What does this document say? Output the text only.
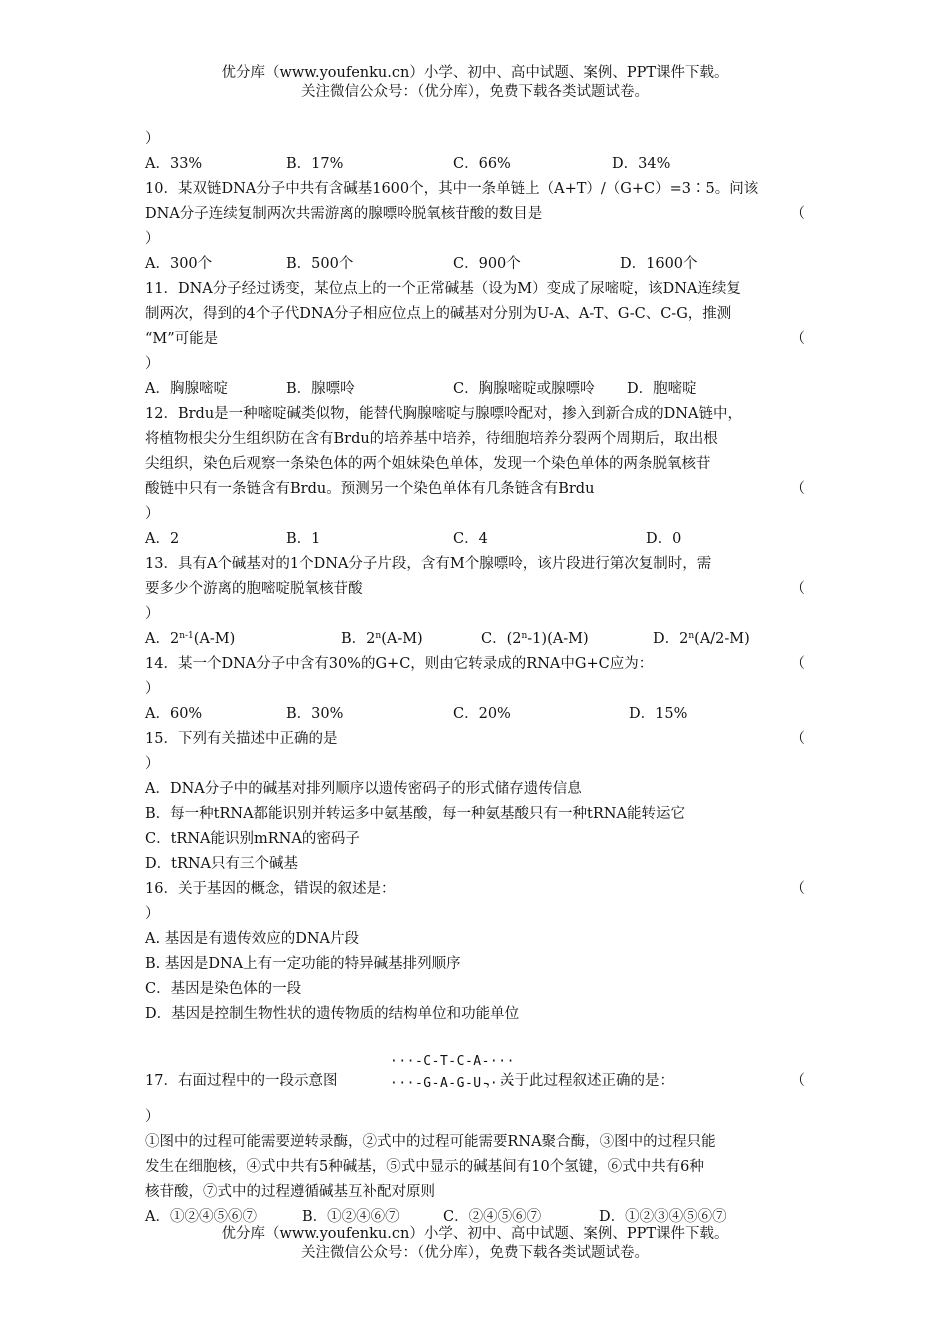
优分库（www.youfenku.cn）小学、初中、高中试题、案例、PPT课件下载。
关注微信公众号：（优分库），免费下载各类试题试卷。
）
A．33%	B．17%	C．66%	D．34%
10．某双链DNA分子中共有含碱基1600个，其中一条单链上（A+T）/（G+C）=3∶5。问该
DNA分子连续复制两次共需游离的腺嘌呤脱氧核苷酸的数目是	（
）
A．300个	B．500个	C．900个	D．1600个
11．DNA分子经过诱变，某位点上的一个正常碱基（设为M）变成了尿嘧啶，该DNA连续复
制两次，得到的4个子代DNA分子相应位点上的碱基对分别为U-A、A-T、G-C、C-G，推测
“M”可能是	（
）
A．胸腺嘧啶	B．腺嘌呤	C．胸腺嘧啶或腺嘌呤 D．胞嘧啶
12．Brdu是一种嘧啶碱类似物，能替代胸腺嘧啶与腺嘌呤配对，掺入到新合成的DNA链中，
将植物根尖分生组织防在含有Brdu的培养基中培养，待细胞培养分裂两个周期后，取出根
尖组织，染色后观察一条染色体的两个姐妹染色单体，发现一个染色单体的两条脱氧核苷
酸链中只有一条链含有Brdu。预测另一个染色单体有几条链含有Brdu	（
）
A．2	B．1	C．4	D．0
13．具有A个碱基对的1个DNA分子片段，含有M个腺嘌呤，该片段进行第次复制时，需
要多少个游离的胞嘧啶脱氧核苷酸	（
）
A．2$^{n-1}$(A-M)	B．2$^n$(A-M)	C．(2$^n$-1)(A-M)	D．2$^n$(A/2-M)
14．某一个DNA分子中含有30%的G+C，则由它转录成的RNA中G+C应为：	（
）
A．60%	B．30%	C．20%	D．15%
15．下列有关描述中正确的是	（
）
A．DNA分子中的碱基对排列顺序以遗传密码子的形式储存遗传信息
B．每一种tRNA都能识别并转运多中氨基酸，每一种氨基酸只有一种tRNA能转运它
C．tRNA能识别mRNA的密码子
D．tRNA只有三个碱基
16．关于基因的概念，错误的叙述是：	（
）
A. 基因是有遗传效应的DNA片段
B. 基因是DNA上有一定功能的特异碱基排列顺序
C．基因是染色体的一段
D．基因是控制生物性状的遗传物质的结构单位和功能单位
···-C-T-C-A-···
···-G-A-G-U-···
17．右面过程中的一段示意图	，关于此过程叙述正确的是：	（
）
①图中的过程可能需要逆转录酶，②式中的过程可能需要RNA聚合酶，③图中的过程只能
发生在细胞核，④式中共有5种碱基，⑤式中显示的碱基间有10个氢键，⑥式中共有6种
核苷酸，⑦式中的过程遵循碱基互补配对原则
A．①②④⑤⑥⑦	B．①②④⑥⑦	C．②④⑤⑥⑦	D．①②③④⑤⑥⑦
优分库（www.youfenku.cn）小学、初中、高中试题、案例、PPT课件下载。
关注微信公众号：（优分库），免费下载各类试题试卷。
